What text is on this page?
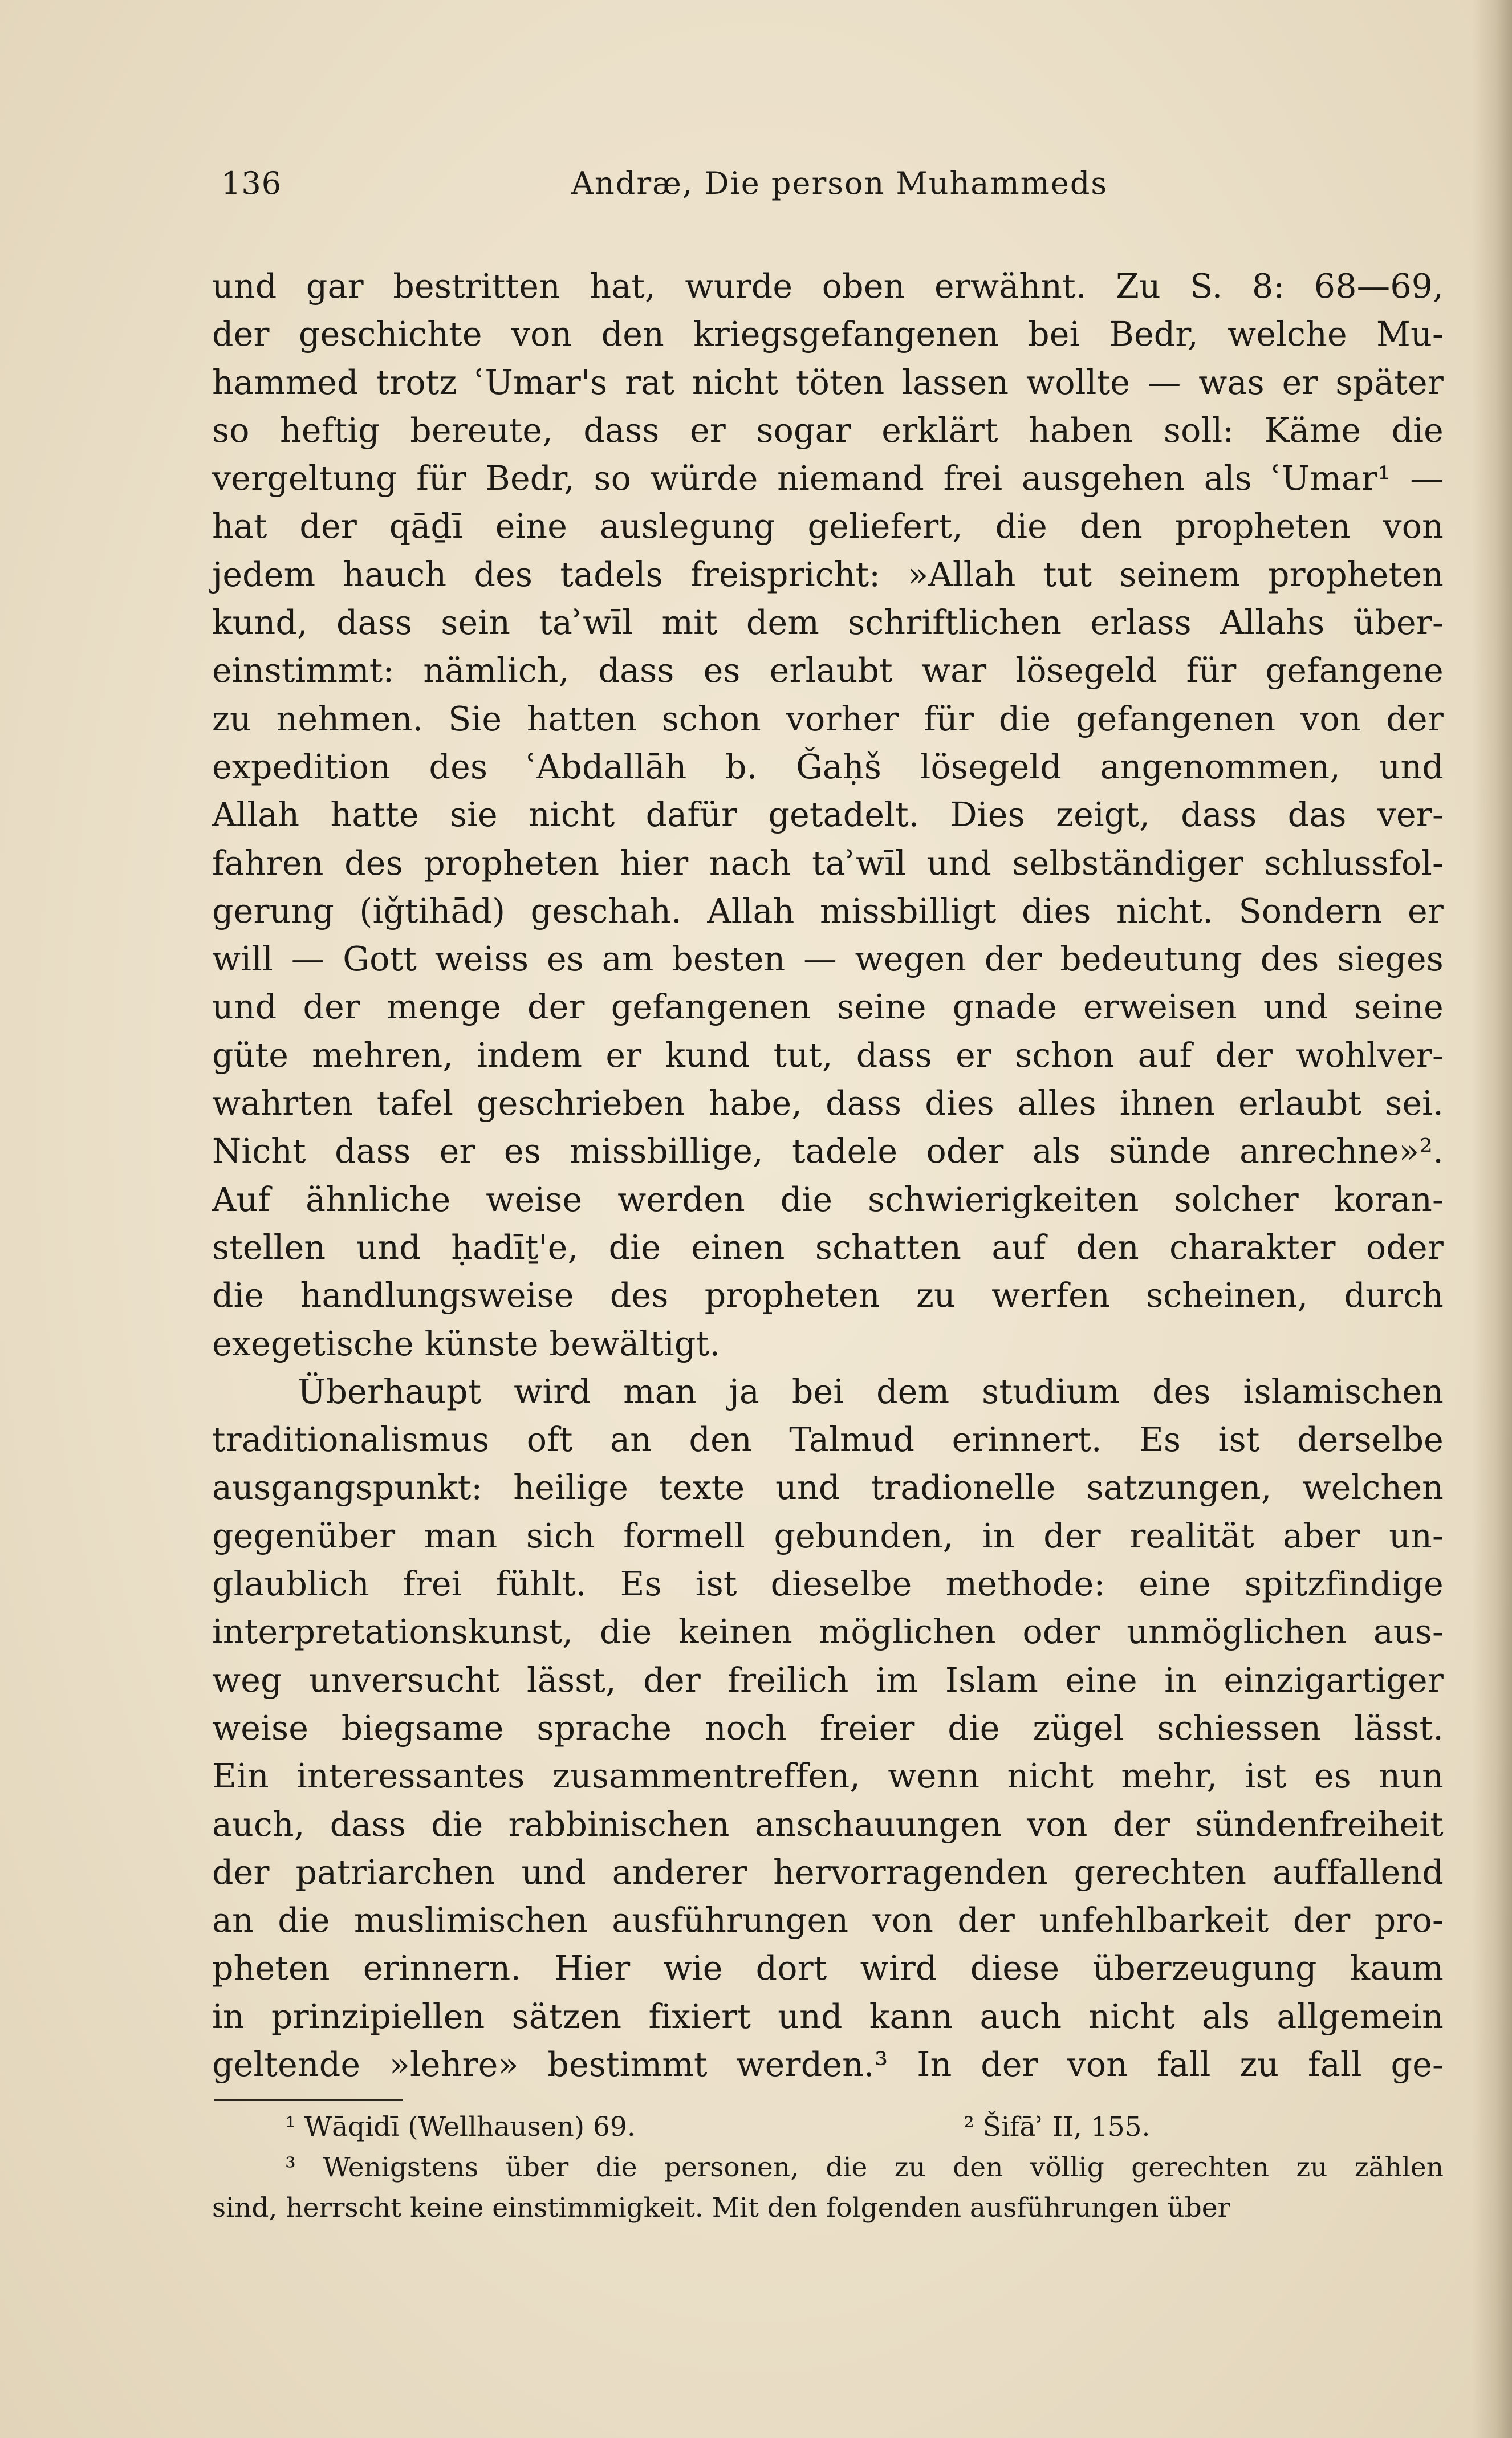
136	Andræ, Die person Muhammeds
und gar bestritten hat, wurde oben erwähnt. Zu S. 8: 68—69,
der geschichte von den kriegsgefangenen bei Bedr, welche Mu-
hammed trotz ʿUmar's rat nicht töten lassen wollte — was er später
so heftig bereute, dass er sogar erklärt haben soll: Käme die
vergeltung für Bedr, so würde niemand frei ausgehen als ʿUmar¹ —
hat der qāḏī eine auslegung geliefert, die den propheten von
jedem hauch des tadels freispricht: »Allah tut seinem propheten
kund, dass sein taʾwīl mit dem schriftlichen erlass Allahs über-
einstimmt: nämlich, dass es erlaubt war lösegeld für gefangene
zu nehmen. Sie hatten schon vorher für die gefangenen von der
expedition des ʿAbdallāh b. Ǧaḥš lösegeld angenommen, und
Allah hatte sie nicht dafür getadelt. Dies zeigt, dass das ver-
fahren des propheten hier nach taʾwīl und selbständiger schlussfol-
gerung (iǧtihād) geschah. Allah missbilligt dies nicht. Sondern er
will — Gott weiss es am besten — wegen der bedeutung des sieges
und der menge der gefangenen seine gnade erweisen und seine
güte mehren, indem er kund tut, dass er schon auf der wohlver-
wahrten tafel geschrieben habe, dass dies alles ihnen erlaubt sei.
Nicht dass er es missbillige, tadele oder als sünde anrechne»².
Auf ähnliche weise werden die schwierigkeiten solcher koran-
stellen und ḥadīṯ'e, die einen schatten auf den charakter oder
die handlungsweise des propheten zu werfen scheinen, durch
exegetische künste bewältigt.
Überhaupt wird man ja bei dem studium des islamischen
traditionalismus oft an den Talmud erinnert. Es ist derselbe
ausgangspunkt: heilige texte und tradionelle satzungen, welchen
gegenüber man sich formell gebunden, in der realität aber un-
glaublich frei fühlt. Es ist dieselbe methode: eine spitzfindige
interpretationskunst, die keinen möglichen oder unmöglichen aus-
weg unversucht lässt, der freilich im Islam eine in einzigartiger
weise biegsame sprache noch freier die zügel schiessen lässt.
Ein interessantes zusammentreffen, wenn nicht mehr, ist es nun
auch, dass die rabbinischen anschauungen von der sündenfreiheit
der patriarchen und anderer hervorragenden gerechten auffallend
an die muslimischen ausführungen von der unfehlbarkeit der pro-
pheten erinnern. Hier wie dort wird diese überzeugung kaum
in prinzipiellen sätzen fixiert und kann auch nicht als allgemein
geltende »lehre» bestimmt werden.³ In der von fall zu fall ge-
¹ Wāqidī (Wellhausen) 69.	² Šifāʾ II, 155.
³ Wenigstens über die personen, die zu den völlig gerechten zu zählen
sind, herrscht keine einstimmigkeit. Mit den folgenden ausführungen über
